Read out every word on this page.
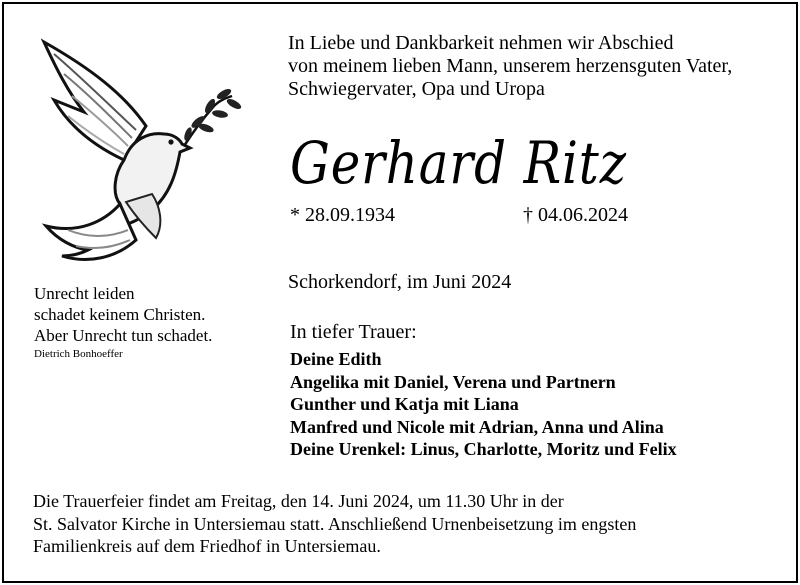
In Liebe und Dankbarkeit nehmen wir Abschied
von meinem lieben Mann, unserem herzensguten Vater,
Schwiegervater, Opa und Uropa
Gerhard Ritz
* 28.09.1934	† 04.06.2024
Schorkendorf, im Juni 2024
Unrecht leiden
schadet keinem Christen.
Aber Unrecht tun schadet.
Dietrich Bonhoeffer
In tiefer Trauer:
Deine Edith
Angelika mit Daniel, Verena und Partnern
Gunther und Katja mit Liana
Manfred und Nicole mit Adrian, Anna und Alina
Deine Urenkel: Linus, Charlotte, Moritz und Felix
Die Trauerfeier findet am Freitag, den 14. Juni 2024, um 11.30 Uhr in der
St. Salvator Kirche in Untersiemau statt. Anschließend Urnenbeisetzung im engsten
Familienkreis auf dem Friedhof in Untersiemau.
